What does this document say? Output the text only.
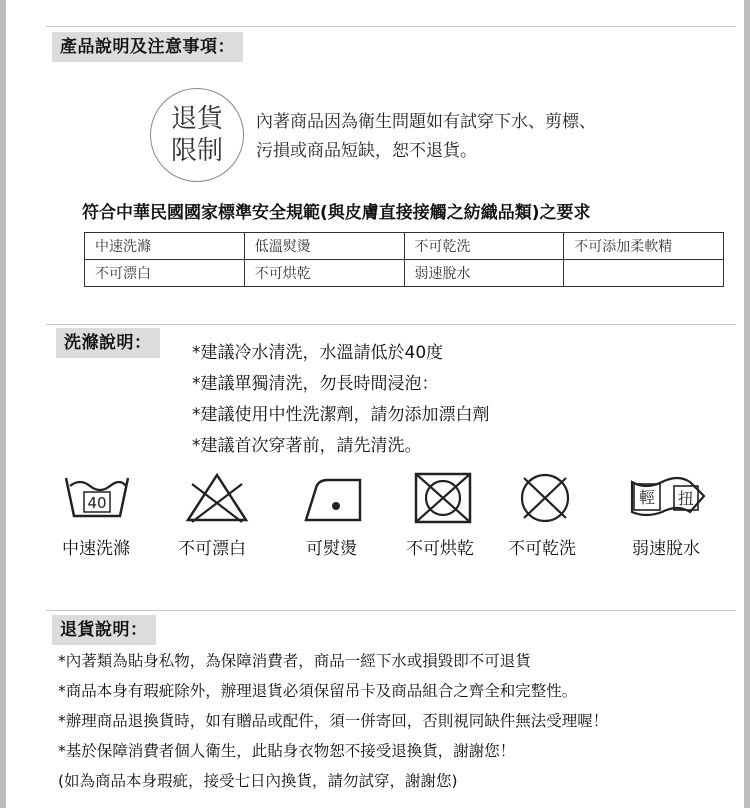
產品說明及注意事項：
退貨
限制
內著商品因為衛生問題如有試穿下水、剪標、
污損或商品短缺，恕不退貨。
符合中華民國國家標準安全規範(與皮膚直接接觸之紡織品類)之要求
中速洗滌	低溫熨燙	不可乾洗	不可添加柔軟精
不可漂白	不可烘乾	弱速脫水	
洗滌說明：	*建議冷水清洗，水溫請低於40度
*建議單獨清洗，勿長時間浸泡：
*建議使用中性洗潔劑，請勿添加漂白劑
*建議首次穿著前，請先清洗。
40	輕 扭
中速洗滌	不可漂白	可熨燙	不可烘乾 不可乾洗	弱速脫水
退貨說明：
*內著類為貼身私物，為保障消費者，商品一經下水或損毀即不可退貨
*商品本身有瑕疵除外，辦理退貨必須保留吊卡及商品組合之齊全和完整性。
*辦理商品退換貨時，如有贈品或配件，須一併寄回，否則視同缺件無法受理喔！
*基於保障消費者個人衛生，此貼身衣物恕不接受退換貨，謝謝您！
(如為商品本身瑕疵，接受七日內換貨，請勿試穿，謝謝您)
